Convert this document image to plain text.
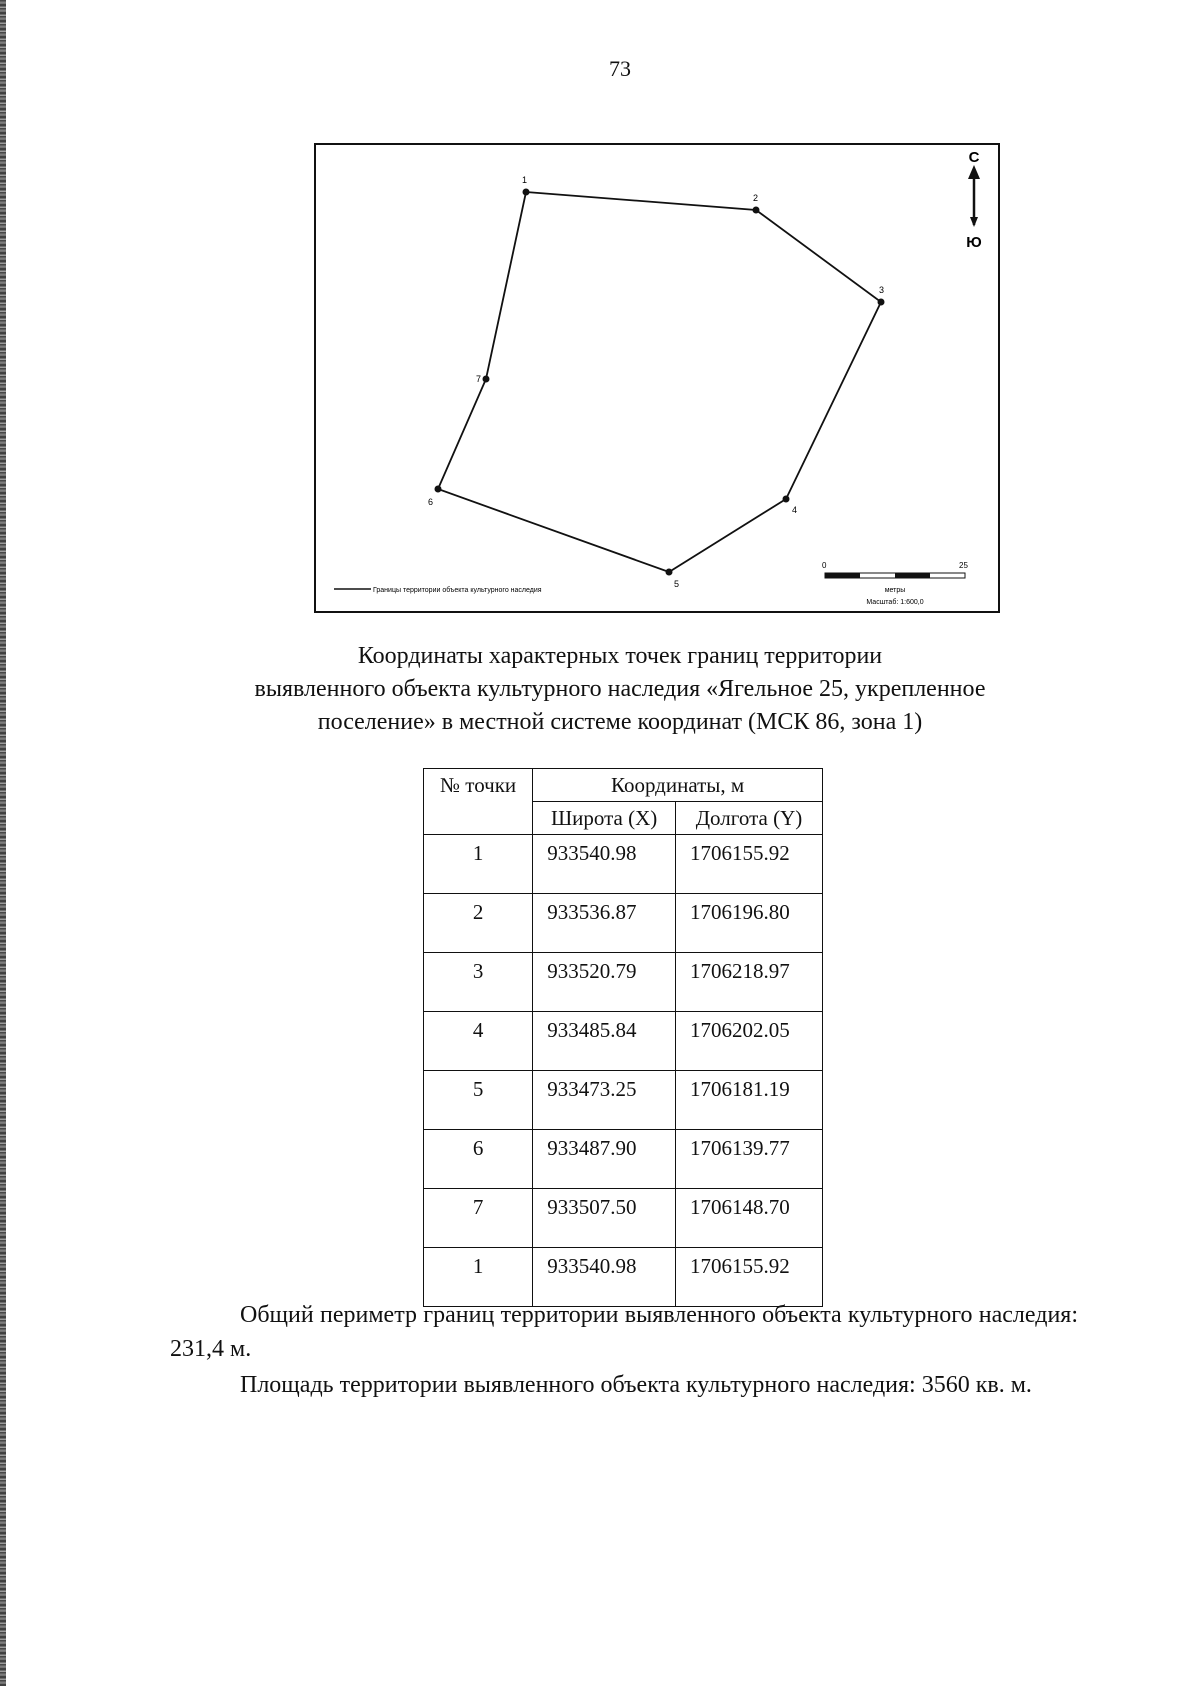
73
1
2
3
4
5
6
7
С
Ю
Границы территории объекта культурного наследия
0	25
метры
Масштаб: 1:600,0
Координаты характерных точек границ территории
выявленного объекта культурного наследия «Ягельное 25, укрепленное
поселение» в местной системе координат (МСК 86, зона 1)
№ точки	Координаты, м	
	Широта (X)	Долгота (Y)
1	933540.98	1706155.92
2	933536.87	1706196.80
3	933520.79	1706218.97
4	933485.84	1706202.05
5	933473.25	1706181.19
6	933487.90	1706139.77
7	933507.50	1706148.70
1	933540.98	1706155.92

Общий периметр границ территории выявленного объекта культурного наследия: 231,4 м.

Площадь территории выявленного объекта культурного наследия: 3560 кв. м.
